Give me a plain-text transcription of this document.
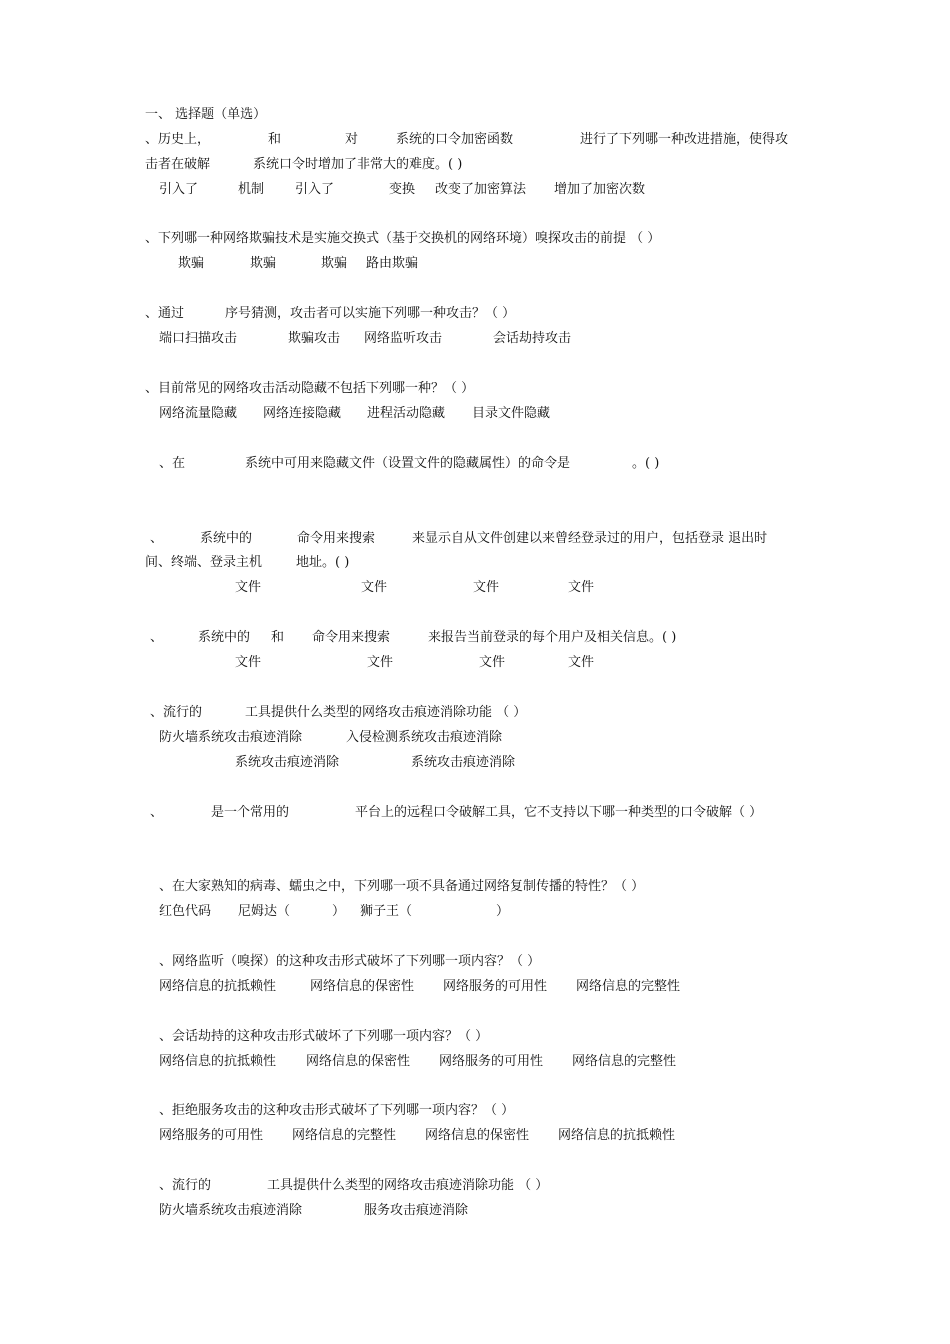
一、 选择题（单选）
、历史上，	和	对	系统的口令加密函数	进行了下列哪一种改进措施，使得攻
击者在破解	系统口令时增加了非常大的难度。( )
引入了	机制 引入了	变换 改变了加密算法 增加了加密次数
、下列哪一种网络欺骗技术是实施交换式（基于交换机的网络环境）嗅探攻击的前提 （ ）
欺骗	欺骗	欺骗 路由欺骗
、通过	序号猜测，攻击者可以实施下列哪一种攻击？（ ）
端口扫描攻击	欺骗攻击 网络监听攻击	会话劫持攻击
、目前常见的网络攻击活动隐藏不包括下列哪一种？（ ）
网络流量隐藏 网络连接隐藏 进程活动隐藏 目录文件隐藏
、在	系统中可用来隐藏文件（设置文件的隐藏属性）的命令是	。( )
、	系统中的	命令用来搜索	来显示自从文件创建以来曾经登录过的用户，包括登录 退出时
间、终端、登录主机	地址。( )
文件	文件	文件	文件
、	系统中的 和 命令用来搜索	来报告当前登录的每个用户及相关信息。( )
文件	文件	文件	文件
、流行的	工具提供什么类型的网络攻击痕迹消除功能 （ ）
防火墙系统攻击痕迹消除	入侵检测系统攻击痕迹消除
系统攻击痕迹消除	系统攻击痕迹消除
、	是一个常用的	平台上的远程口令破解工具，它不支持以下哪一种类型的口令破解（ ）
、在大家熟知的病毒、蠕虫之中，下列哪一项不具备通过网络复制传播的特性？（ ）
红色代码 尼姆达（	） 狮子王（	）
、网络监听（嗅探）的这种攻击形式破坏了下列哪一项内容？（ ）
网络信息的抗抵赖性	网络信息的保密性 网络服务的可用性 网络信息的完整性
、会话劫持的这种攻击形式破坏了下列哪一项内容？（ ）
网络信息的抗抵赖性 网络信息的保密性 网络服务的可用性 网络信息的完整性
、拒绝服务攻击的这种攻击形式破坏了下列哪一项内容？（ ）
网络服务的可用性 网络信息的完整性 网络信息的保密性 网络信息的抗抵赖性
、流行的	工具提供什么类型的网络攻击痕迹消除功能 （ ）
防火墙系统攻击痕迹消除	服务攻击痕迹消除
